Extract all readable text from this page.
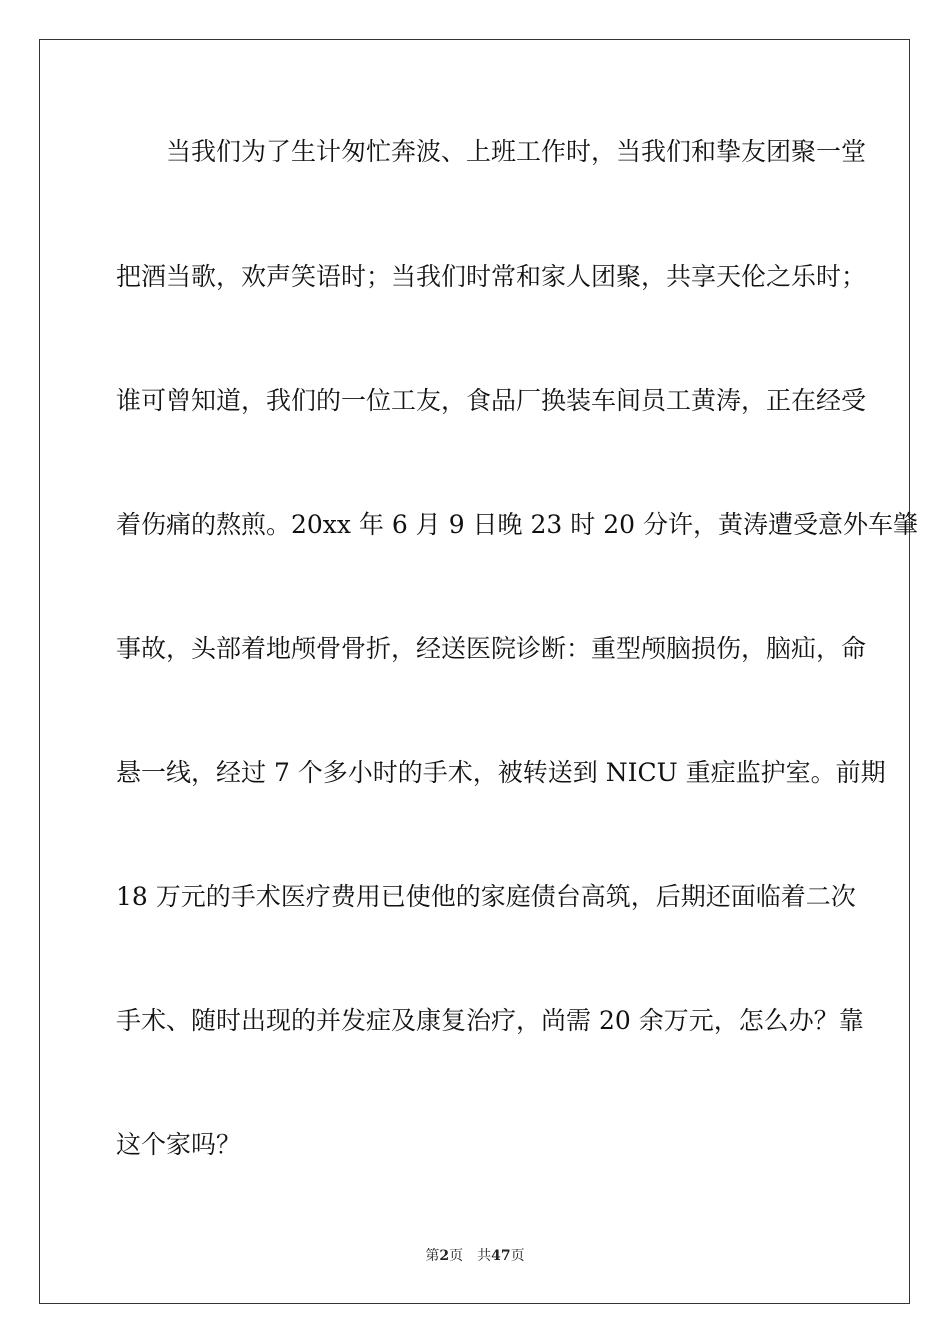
当我们为了生计匆忙奔波、上班工作时，当我们和挚友团聚一堂
把酒当歌，欢声笑语时；当我们时常和家人团聚，共享天伦之乐时；
谁可曾知道，我们的一位工友，食品厂换装车间员工黄涛，正在经受
着伤痛的熬煎。20xx 年 6 月 9 日晚 23 时 20 分许，黄涛遭受意外车肇
事故，头部着地颅骨骨折，经送医院诊断：重型颅脑损伤，脑疝，命
悬一线，经过 7 个多小时的手术，被转送到 NICU 重症监护室。前期
18 万元的手术医疗费用已使他的家庭债台高筑，后期还面临着二次
手术、随时出现的并发症及康复治疗，尚需 20 余万元，怎么办？靠
这个家吗？
第2页 共47页
